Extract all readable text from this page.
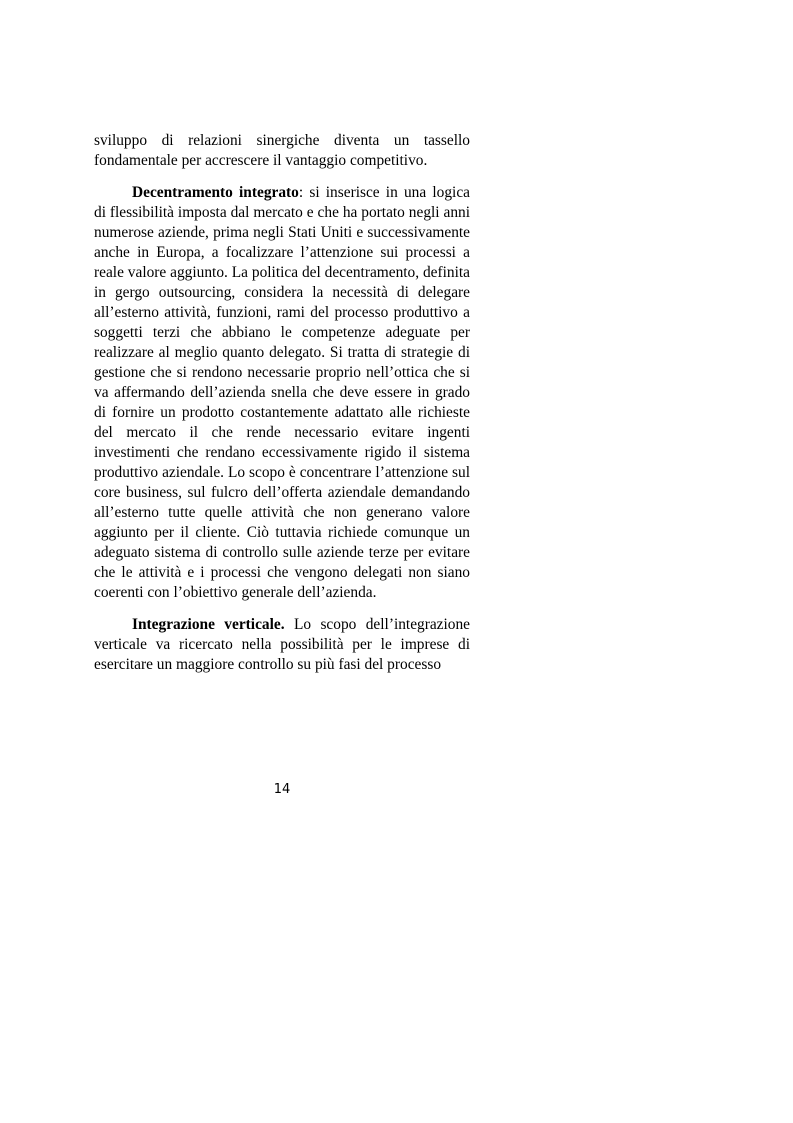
sviluppo di relazioni sinergiche diventa un tassello fondamentale per accrescere il vantaggio competitivo.

Decentramento integrato: si inserisce in una logica di flessibilità imposta dal mercato e che ha portato negli anni numerose aziende, prima negli Stati Uniti e successivamente anche in Europa, a focalizzare l’attenzione sui processi a reale valore aggiunto. La politica del decentramento, definita in gergo outsourcing, considera la necessità di delegare all’esterno attività, funzioni, rami del processo produttivo a soggetti terzi che abbiano le competenze adeguate per realizzare al meglio quanto delegato. Si tratta di strategie di gestione che si rendono necessarie proprio nell’ottica che si va affermando dell’azienda snella che deve essere in grado di fornire un prodotto costantemente adattato alle richieste del mercato il che rende necessario evitare ingenti investimenti che rendano eccessivamente rigido il sistema produttivo aziendale. Lo scopo è concentrare l’attenzione sul core business, sul fulcro dell’offerta aziendale demandando all’esterno tutte quelle attività che non generano valore aggiunto per il cliente. Ciò tuttavia richiede comunque un adeguato sistema di controllo sulle aziende terze per evitare che le attività e i processi che vengono delegati non siano coerenti con l’obiettivo generale dell’azienda.

Integrazione verticale. Lo scopo dell’integrazione verticale va ricercato nella possibilità per le imprese di esercitare un maggiore controllo su più fasi del processo

14
